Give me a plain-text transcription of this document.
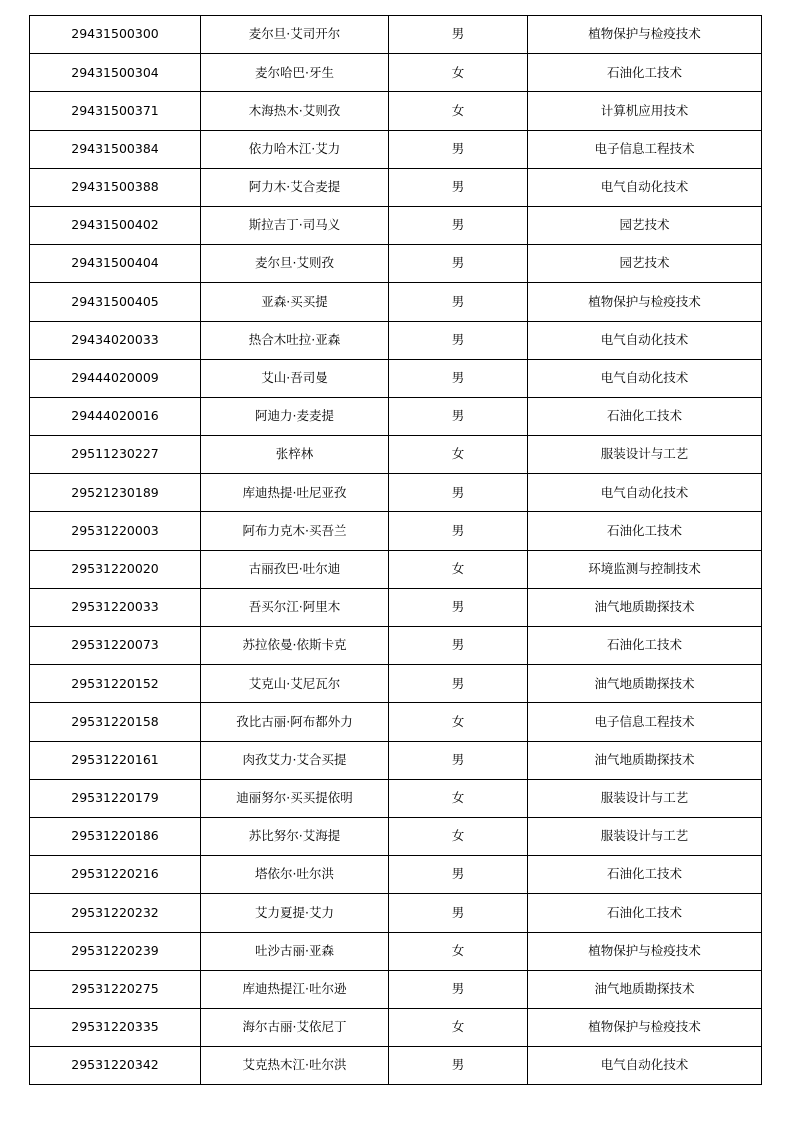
29431500300	麦尔旦·艾司开尔	男	植物保护与检疫技术
29431500304	麦尔哈巴·牙生	女	石油化工技术
29431500371	木海热木·艾则孜	女	计算机应用技术
29431500384	依力哈木江·艾力	男	电子信息工程技术
29431500388	阿力木·艾合麦提	男	电气自动化技术
29431500402	斯拉吉丁·司马义	男	园艺技术
29431500404	麦尔旦·艾则孜	男	园艺技术
29431500405	亚森·买买提	男	植物保护与检疫技术
29434020033	热合木吐拉·亚森	男	电气自动化技术
29444020009	艾山·吾司曼	男	电气自动化技术
29444020016	阿迪力·麦麦提	男	石油化工技术
29511230227	张梓林	女	服装设计与工艺
29521230189	库迪热提·吐尼亚孜	男	电气自动化技术
29531220003	阿布力克木·买吾兰	男	石油化工技术
29531220020	古丽孜巴·吐尔迪	女	环境监测与控制技术
29531220033	吾买尔江·阿里木	男	油气地质勘探技术
29531220073	苏拉依曼·依斯卡克	男	石油化工技术
29531220152	艾克山·艾尼瓦尔	男	油气地质勘探技术
29531220158	孜比古丽·阿布都外力	女	电子信息工程技术
29531220161	肉孜艾力·艾合买提	男	油气地质勘探技术
29531220179	迪丽努尔·买买提依明	女	服装设计与工艺
29531220186	苏比努尔·艾海提	女	服装设计与工艺
29531220216	塔依尔·吐尔洪	男	石油化工技术
29531220232	艾力夏提·艾力	男	石油化工技术
29531220239	吐沙古丽·亚森	女	植物保护与检疫技术
29531220275	库迪热提江·吐尔逊	男	油气地质勘探技术
29531220335	海尔古丽·艾依尼丁	女	植物保护与检疫技术
29531220342	艾克热木江·吐尔洪	男	电气自动化技术
